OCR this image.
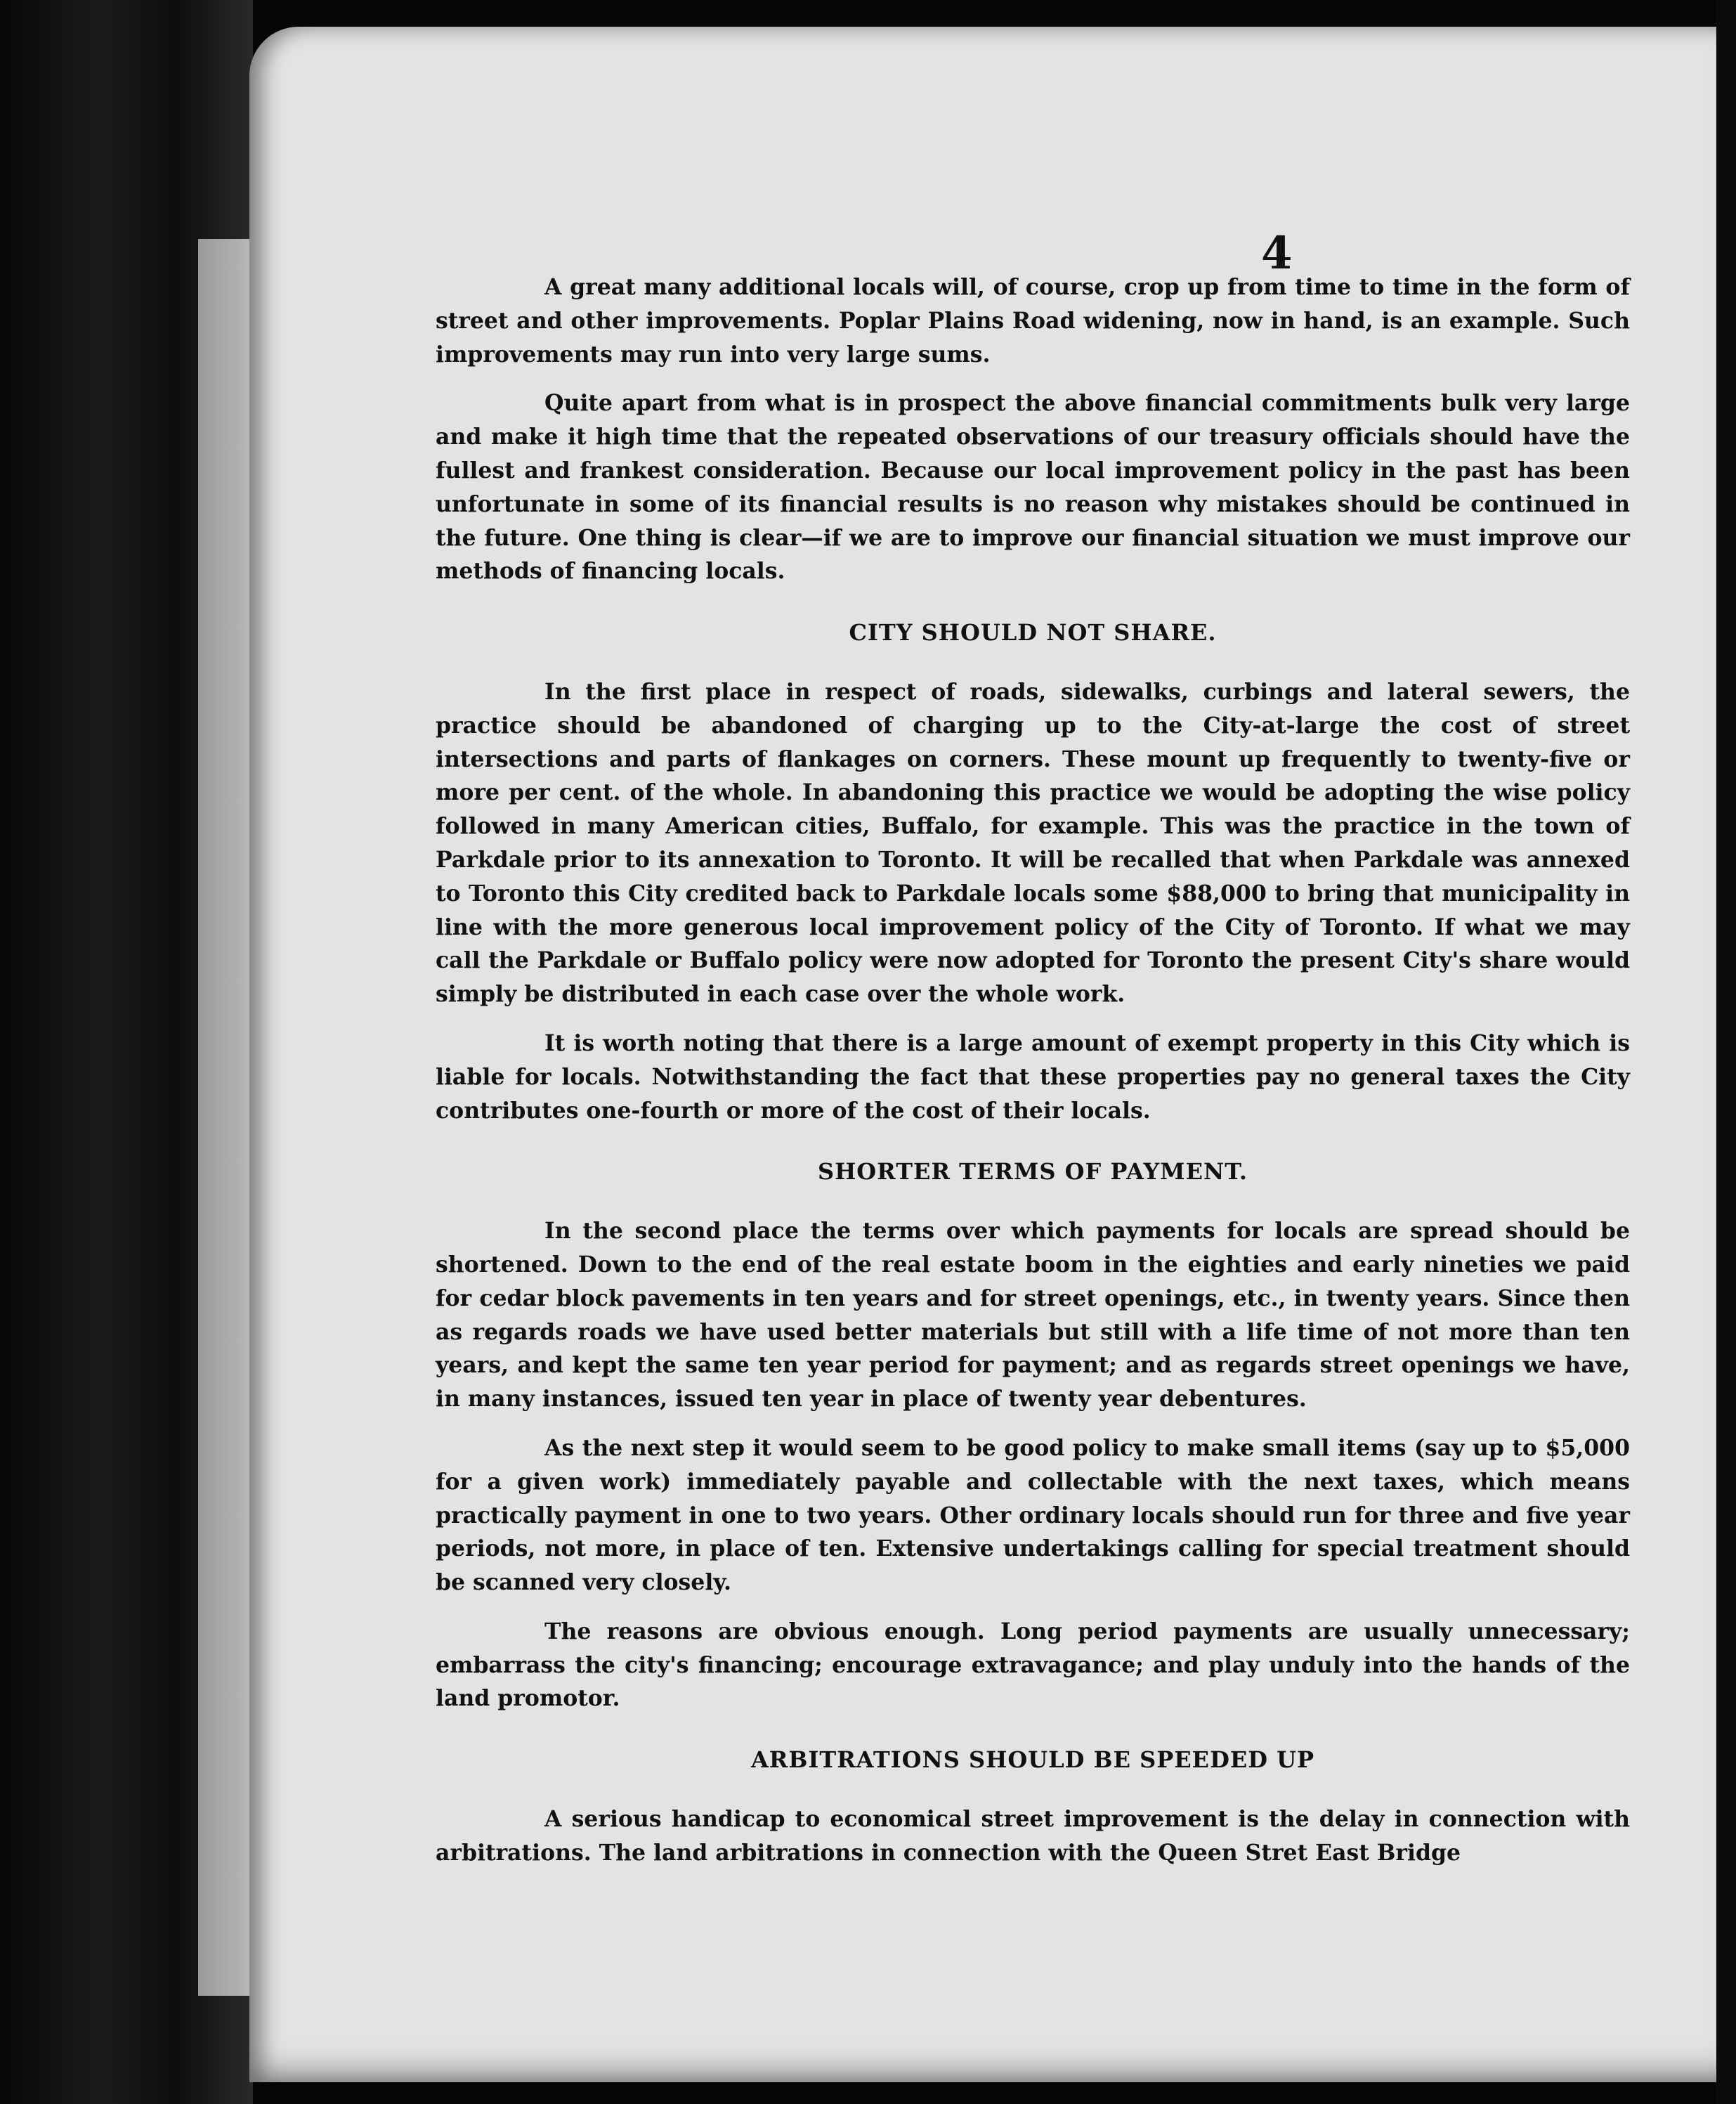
4

A great many additional locals will, of course, crop up from time to time in the form of street and other improvements. Poplar Plains Road widening, now in hand, is an example. Such improvements may run into very large sums.

Quite apart from what is in prospect the above financial commitments bulk very large and make it high time that the repeated observations of our treasury officials should have the fullest and frankest consideration. Because our local improvement policy in the past has been unfortunate in some of its financial results is no reason why mistakes should be continued in the future. One thing is clear—if we are to improve our financial situation we must improve our methods of financing locals.

CITY SHOULD NOT SHARE.

In the first place in respect of roads, sidewalks, curbings and lateral sewers, the practice should be abandoned of charging up to the City-at-large the cost of street intersections and parts of flankages on corners. These mount up frequently to twenty-five or more per cent. of the whole. In abandoning this practice we would be adopting the wise policy followed in many American cities, Buffalo, for example. This was the practice in the town of Parkdale prior to its annexation to Toronto. It will be recalled that when Parkdale was annexed to Toronto this City credited back to Parkdale locals some $88,000 to bring that municipality in line with the more generous local improvement policy of the City of Toronto. If what we may call the Parkdale or Buffalo policy were now adopted for Toronto the present City's share would simply be distributed in each case over the whole work.

It is worth noting that there is a large amount of exempt property in this City which is liable for locals. Notwithstanding the fact that these properties pay no general taxes the City contributes one-fourth or more of the cost of their locals.

SHORTER TERMS OF PAYMENT.

In the second place the terms over which payments for locals are spread should be shortened. Down to the end of the real estate boom in the eighties and early nineties we paid for cedar block pavements in ten years and for street openings, etc., in twenty years. Since then as regards roads we have used better materials but still with a life time of not more than ten years, and kept the same ten year period for payment; and as regards street openings we have, in many instances, issued ten year in place of twenty year debentures.

As the next step it would seem to be good policy to make small items (say up to $5,000 for a given work) immediately payable and collectable with the next taxes, which means practically payment in one to two years. Other ordinary locals should run for three and five year periods, not more, in place of ten. Extensive undertakings calling for special treatment should be scanned very closely.

The reasons are obvious enough. Long period payments are usually unnecessary; embarrass the city's financing; encourage extravagance; and play unduly into the hands of the land promotor.

ARBITRATIONS SHOULD BE SPEEDED UP

A serious handicap to economical street improvement is the delay in connection with arbitrations. The land arbitrations in connection with the Queen Stret East Bridge
